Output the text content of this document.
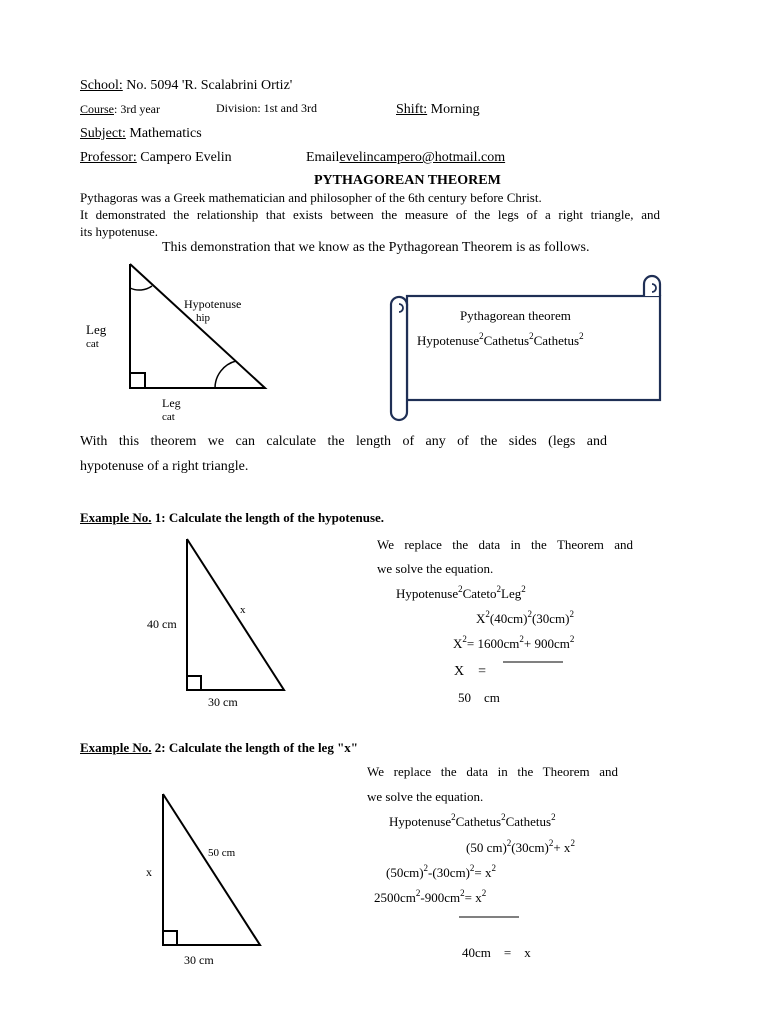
School: No. 5094 'R. Scalabrini Ortiz'
Course: 3rd year	Division: 1st and 3rd	Shift: Morning
Subject: Mathematics
Professor: Campero Evelin	Emailevelincampero@hotmail.com
PYTHAGOREAN THEOREM
Pythagoras was a Greek mathematician and philosopher of the 6th century before Christ.
It demonstrated the relationship that exists between the measure of the legs of a right triangle, and
its hypotenuse.
This demonstration that we know as the Pythagorean Theorem is as follows.
Leg
cat
Hypotenuse
hip
Leg
cat
Pythagorean theorem
Hypotenuse$^2$Cathetus$^2$Cathetus$^2$
With this theorem we can calculate the length of any of the sides (legs and
hypotenuse of a right triangle.
Example No. 1: Calculate the length of the hypotenuse.
40 cm
x
30 cm
We replace the data in the Theorem and
we solve the equation.
Hypotenuse$^2$Cateto$^2$Leg$^2$
$X^2(40cm)^2(30cm)^2$
$X^2= 1600cm^2+ 900cm^2$
X    =
50    cm
Example No. 2: Calculate the length of the leg "x"
x
50 cm
30 cm
We replace the data in the Theorem and
we solve the equation.
Hypotenuse$^2$Cathetus$^2$Cathetus$^2$
(50 $cm)^2(30cm)^2+ x^2$
$(50cm)^2-(30cm)^2= x^2$
$2500cm^2-900cm^2= x^2$
40cm    =    x
